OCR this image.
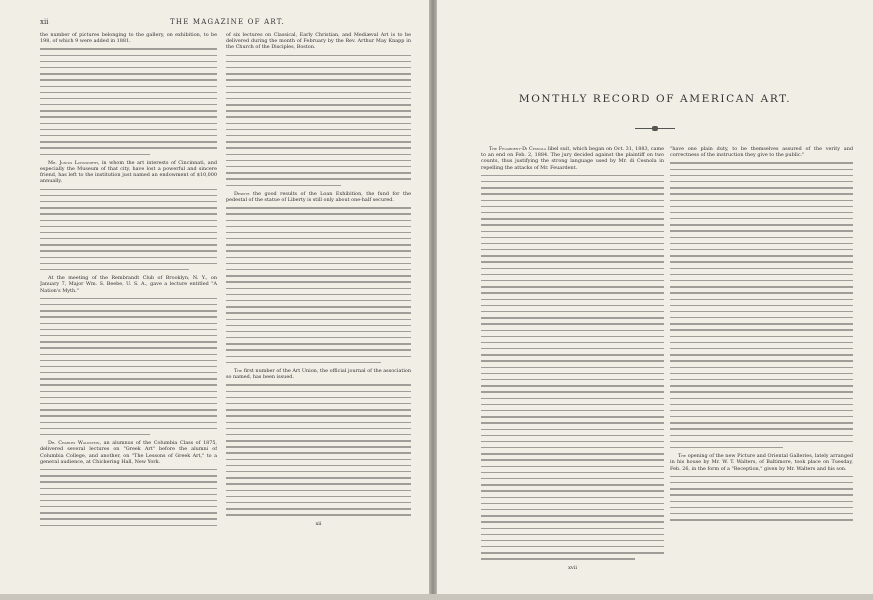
xii	THE MAGAZINE OF ART.

the number of pictures belonging to the gallery, on exhibition, to be 198, of which 9 were added in 1881.

Mr. Junius Longworth, in whom the art interests of Cincinnati, and especially the Museum of that city, have lost a powerful and sincere friend, has left to the institution just named an endowment of $10,000 annually.

At the meeting of the Rembrandt Club of Brooklyn, N. Y., on January 7, Major Wm. S. Beebe, U. S. A., gave a lecture entitled "A Nation's Myth."

Dr. Charles Waldstein, an alumnus of the Columbia Class of 1875, delivered several lectures on "Greek Art" before the alumni of Columbia College, and another, on "The Lessons of Greek Art," to a general audience, at Chickering Hall, New York.

of six lectures on Classical, Early Christian, and Mediæval Art is to be delivered during the month of February by the Rev. Arthur May Knapp in the Church of the Disciples, Boston.

Despite the good results of the Loan Exhibition, the fund for the pedestal of the statue of Liberty is still only about one-half secured.

The first number of the Art Union, the official journal of the association so named, has been issued.

xii
MONTHLY RECORD OF AMERICAN ART.

The Feuardent-Di Cesnola libel suit, which began on Oct. 31, 1883, came to an end on Feb. 2, 1884. The jury decided against the plaintiff on two counts, thus justifying the strong language used by Mr. di Cesnola in repelling the attacks of Mr. Feuardent.

xvii

"have one plain duty, to be themselves assured of the verity and correctness of the instruction they give to the public."

The opening of the new Picture and Oriental Galleries, lately arranged in his house by Mr. W. T. Walters, of Baltimore, took place on Tuesday, Feb. 26, in the form of a "Reception," given by Mr. Walters and his son.
